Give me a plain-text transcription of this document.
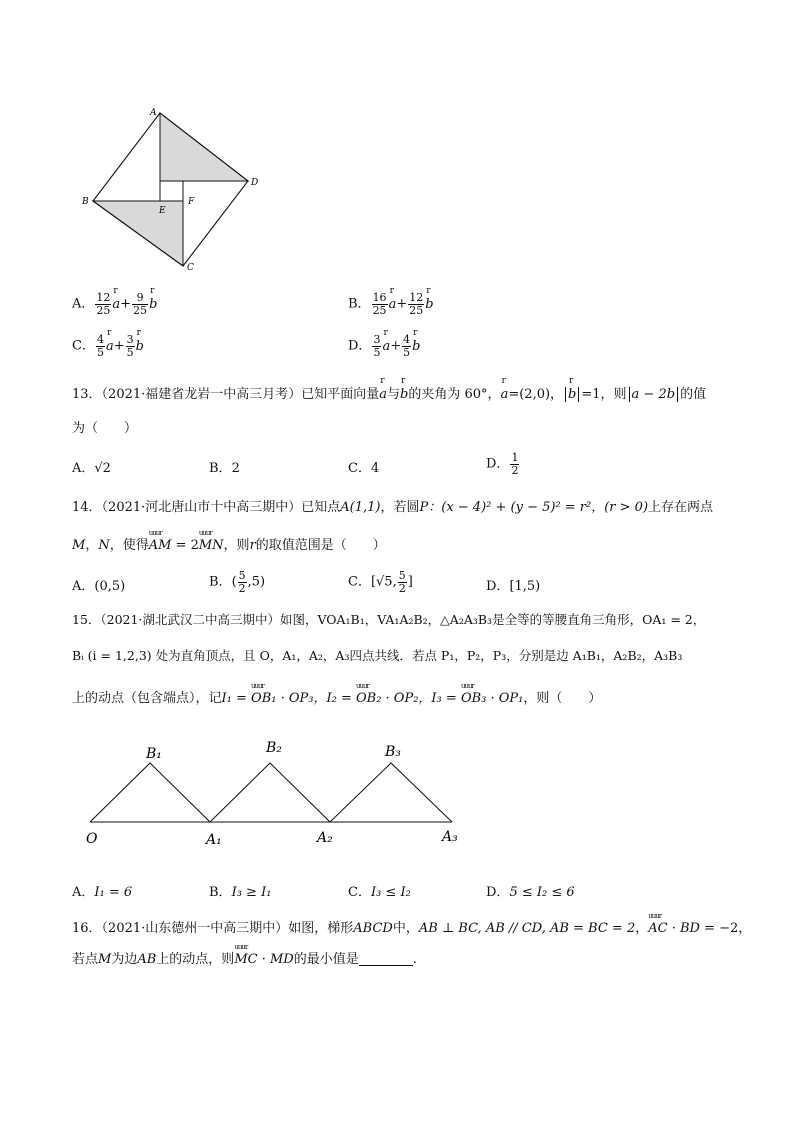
A
B
C
D
E
F
A． $\frac{12}{25}$ r $a+ \frac{9}{25}$ r b	B． $\frac{16}{25}$ r $a+ \frac{12}{25}$ r b
C． $\frac{4}{5}$ r $a+ \frac{3}{5}$ r b	D． $\frac{3}{5}$ r $a+ \frac{4}{5}$ r b
13．（2021·福建省龙岩一中高三月考）已知平面向量r a与r b的夹角为 60°，r a=(2,0)， r b =1，则 a − 2b 的值
为（　　）
A．√2	B．2	C．4	D． $\frac{1}{2}$
14．（2021·河北唐山市十中高三期中）已知点A(1,1)，若圆P：(x − 4)² + (y − 5)² = r²，(r > 0)上存在两点
M，N，使得uuur AM = 2uuur MN，则r的取值范围是（　　）
A．(0,5)	B．( $\frac{5}{2} ,5$)	C．[√5, $\frac{5}{2}$ ]	D．[1,5)
15．（2021·湖北武汉二中高三期中）如图，VOA₁B₁，VA₁A₂B₂，△A₂A₃B₃是全等的等腰直角三角形，OA₁ = 2，
Bᵢ (i = 1,2,3) 处为直角顶点，且 O，A₁，A₂，A₃四点共线．若点 P₁，P₂，P₃，分别是边 A₁B₁，A₂B₂，A₃B₃
上的动点（包含端点），记I₁ = uuur OB₁ · OP₃，I₂ = uuur OB₂ · OP₂，I₃ = uuur OB₃ · OP₁，则（　　）
O	A₁	A₂	A₃
B₁	B₂	B₃
A．I₁ = 6	B．I₃ ≥ I₁	C．I₃ ≤ I₂	D．5 ≤ I₂ ≤ 6
16．（2021·山东德州一中高三期中）如图，梯形ABCD中，AB ⊥ BC, AB // CD, AB = BC = 2，uuur AC · BD = −2，
若点M为边AB上的动点，则uuur MC · MD的最小值是	.
